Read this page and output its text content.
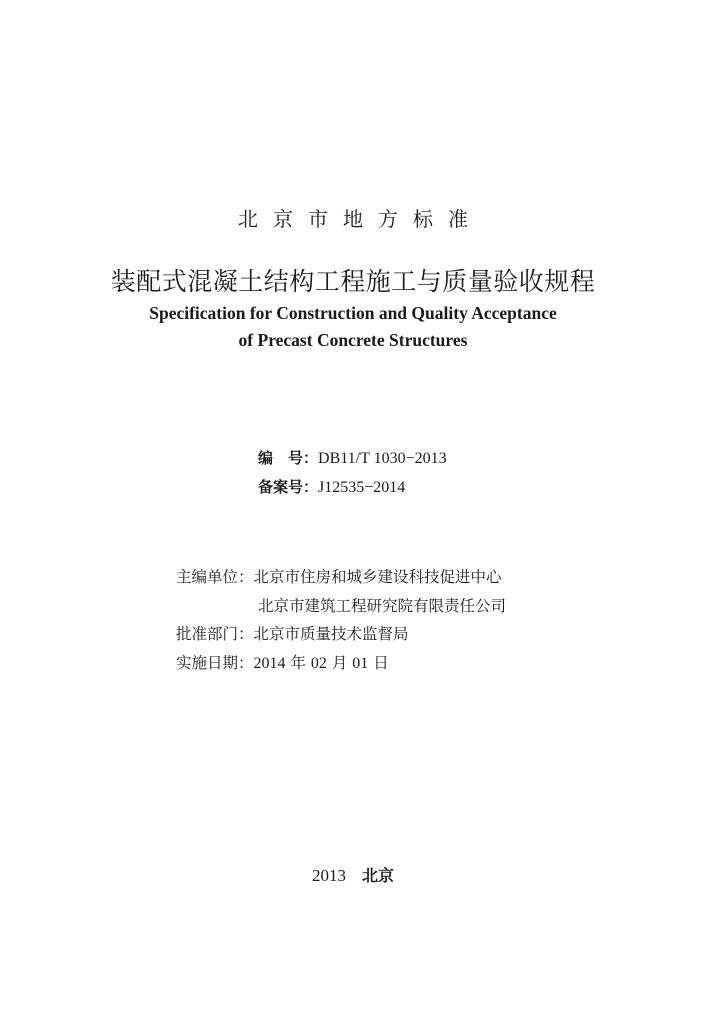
北京市地方标准
装配式混凝土结构工程施工与质量验收规程
Specification for Construction and Quality Acceptance
of Precast Concrete Structures
编　号：DB11/T 1030−2013
备案号：J12535−2014
主编单位：北京市住房和城乡建设科技促进中心
北京市建筑工程研究院有限责任公司
批准部门：北京市质量技术监督局
实施日期：2014 年 02 月 01 日
2013 北京
